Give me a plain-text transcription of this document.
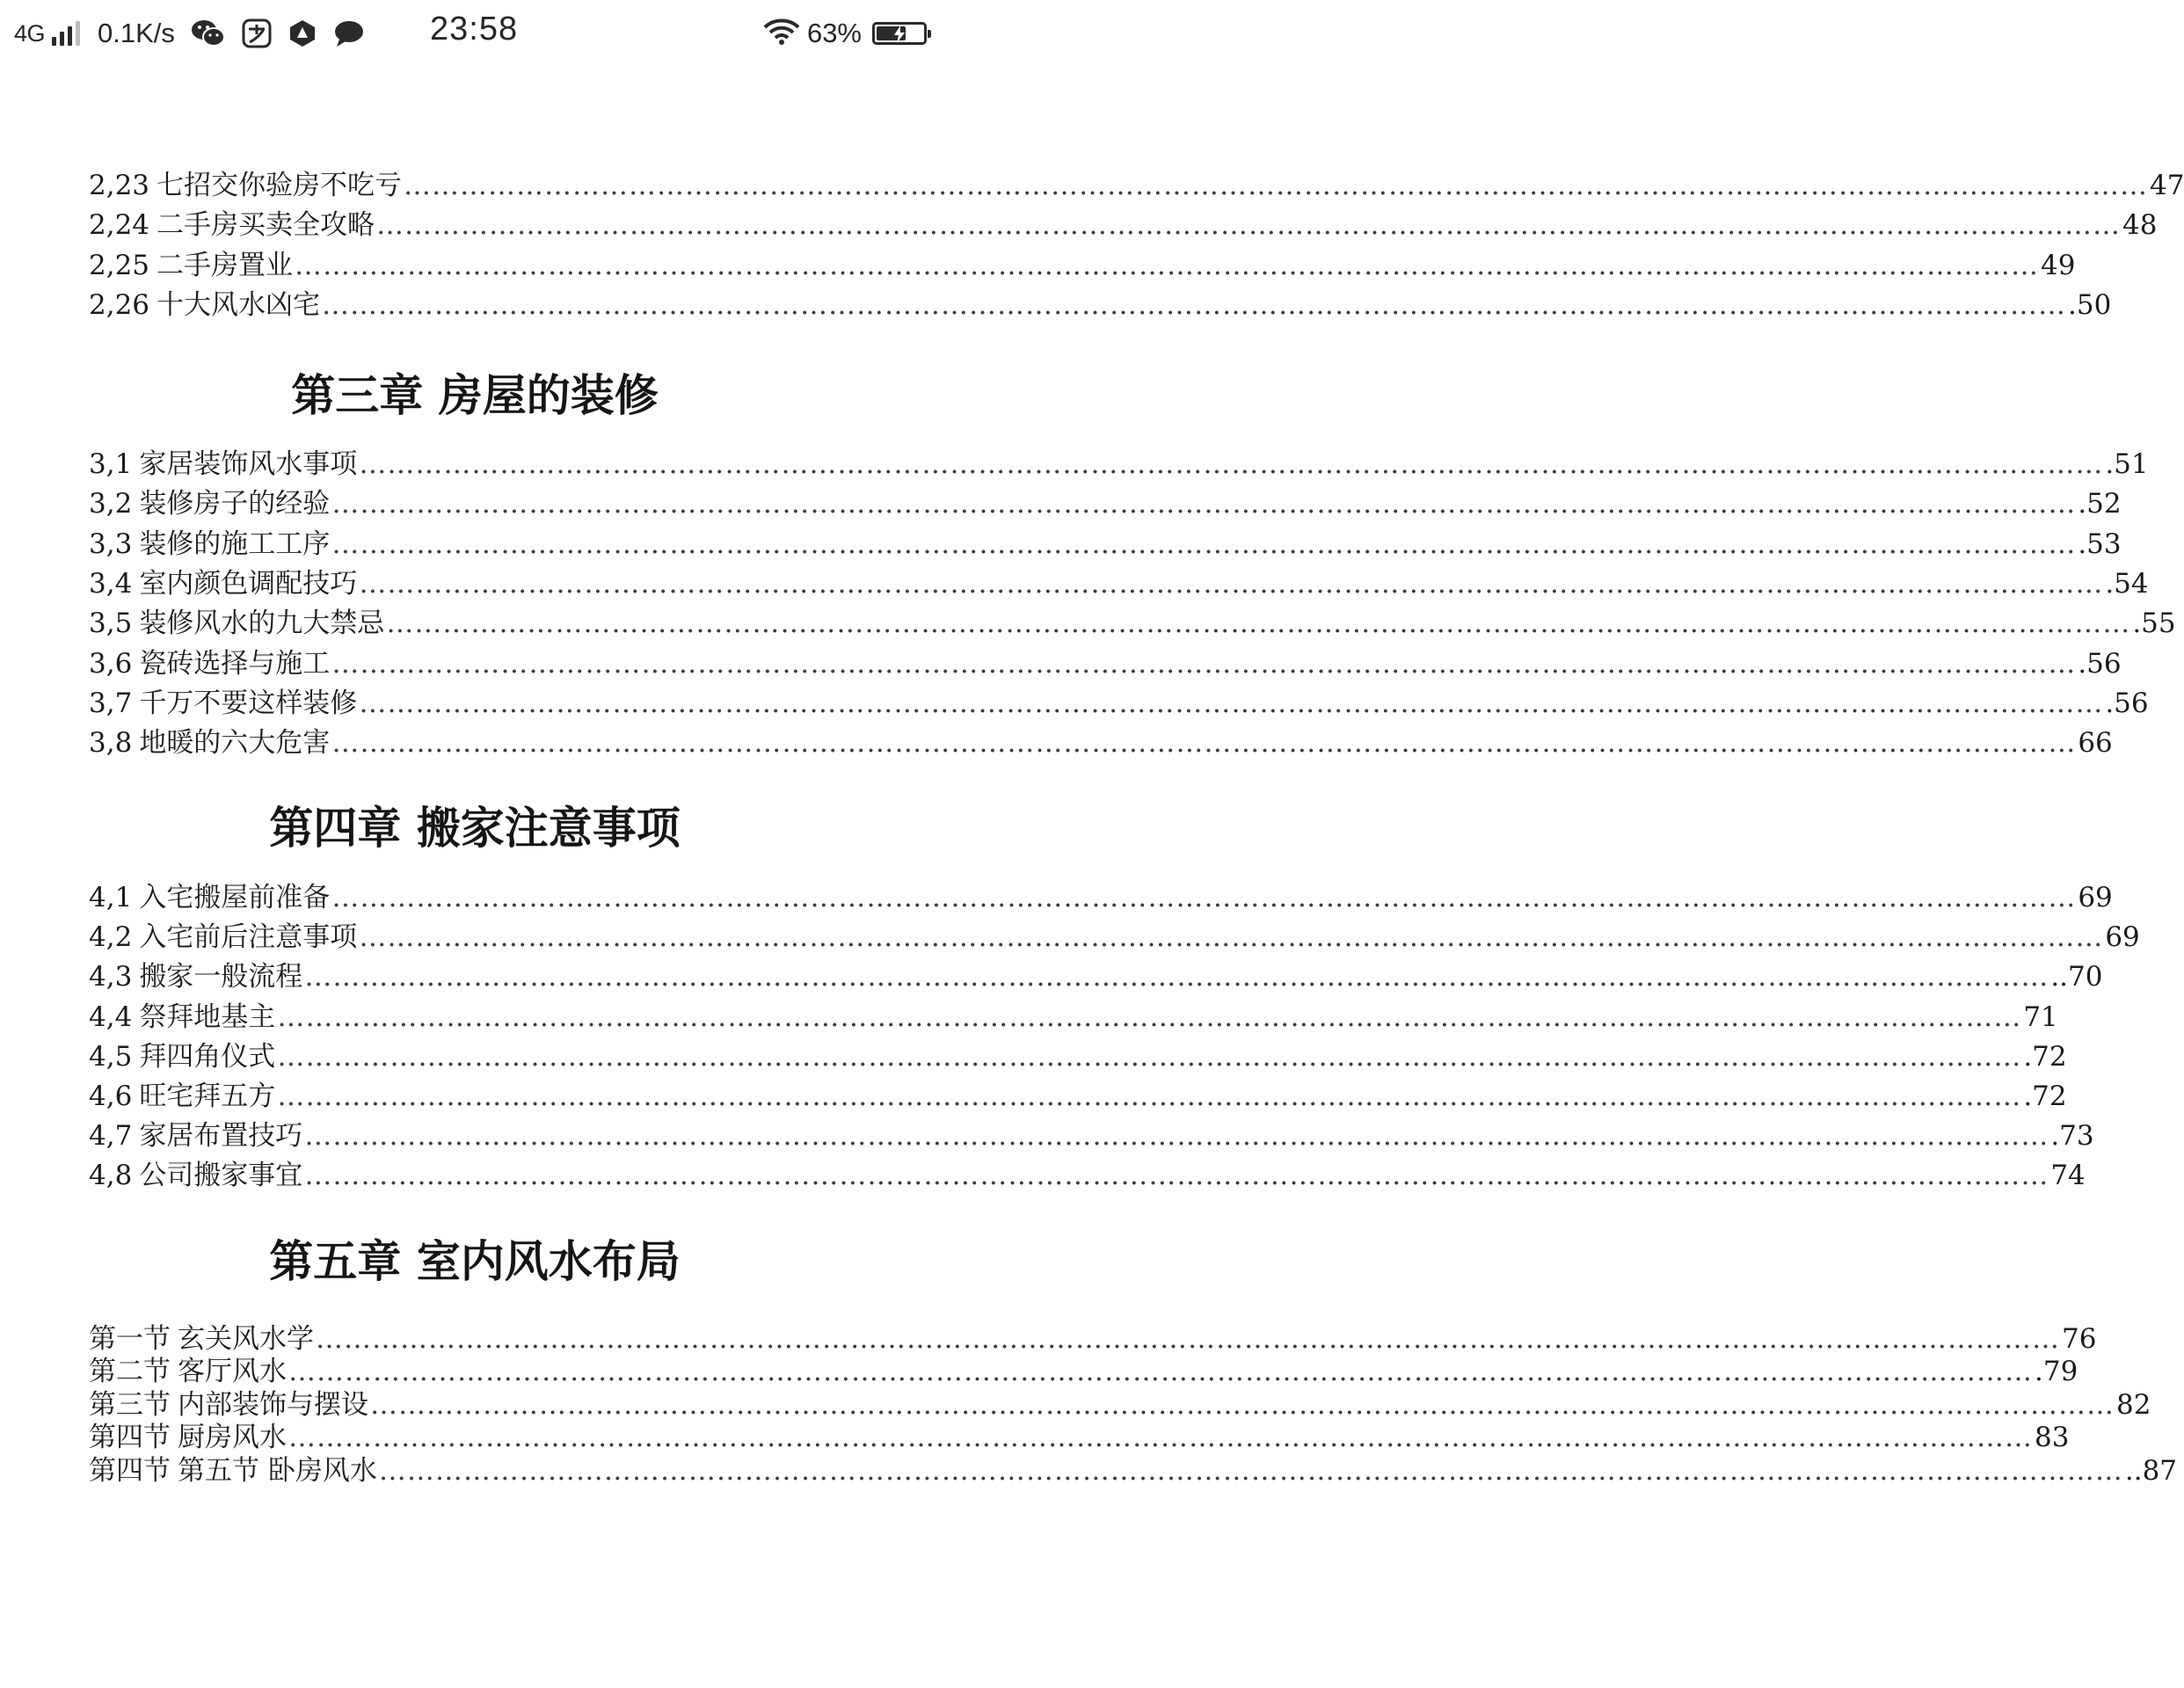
4G 0.1K/s	23:58	63%
2,23 七招交你验房不吃亏 …………………………………………………………………………………………………………………………………………………………………… 47
2,24 二手房买卖全攻略 …………………………………………………………………………………………………………………………………………………………………… 48
2,25 二手房置业 …………………………………………………………………………………………………………………………………………………………………… 49
2,26 十大风水凶宅 …………………………………………………………………………………………………………………………………………………………………… .50
第三章 房屋的装修
3,1 家居装饰风水事项 …………………………………………………………………………………………………………………………………………………………………… .51
3,2 装修房子的经验 …………………………………………………………………………………………………………………………………………………………………… .52
3,3 装修的施工工序 …………………………………………………………………………………………………………………………………………………………………… .53
3,4 室内颜色调配技巧 …………………………………………………………………………………………………………………………………………………………………… .54
3,5 装修风水的九大禁忌 …………………………………………………………………………………………………………………………………………………………………… .55
3,6 瓷砖选择与施工 …………………………………………………………………………………………………………………………………………………………………… .56
3,7 千万不要这样装修 …………………………………………………………………………………………………………………………………………………………………… .56
3,8 地暖的六大危害 …………………………………………………………………………………………………………………………………………………………………… 66
第四章 搬家注意事项
4,1 入宅搬屋前准备 …………………………………………………………………………………………………………………………………………………………………… 69
4,2 入宅前后注意事项 …………………………………………………………………………………………………………………………………………………………………… 69
4,3 搬家一般流程 …………………………………………………………………………………………………………………………………………………………………… ..70
4,4 祭拜地基主 …………………………………………………………………………………………………………………………………………………………………… 71
4,5 拜四角仪式 …………………………………………………………………………………………………………………………………………………………………… .72
4,6 旺宅拜五方 …………………………………………………………………………………………………………………………………………………………………… .72
4,7 家居布置技巧 …………………………………………………………………………………………………………………………………………………………………… .73
4,8 公司搬家事宜 …………………………………………………………………………………………………………………………………………………………………… 74
第五章 室内风水布局
第一节 玄关风水学 …………………………………………………………………………………………………………………………………………………………………… 76
第二节 客厅风水 …………………………………………………………………………………………………………………………………………………………………… .79
第三节 内部装饰与摆设 …………………………………………………………………………………………………………………………………………………………………… 82
第四节 厨房风水 …………………………………………………………………………………………………………………………………………………………………… 83
第四节 第五节 卧房风水 …………………………………………………………………………………………………………………………………………………………………… ..87
